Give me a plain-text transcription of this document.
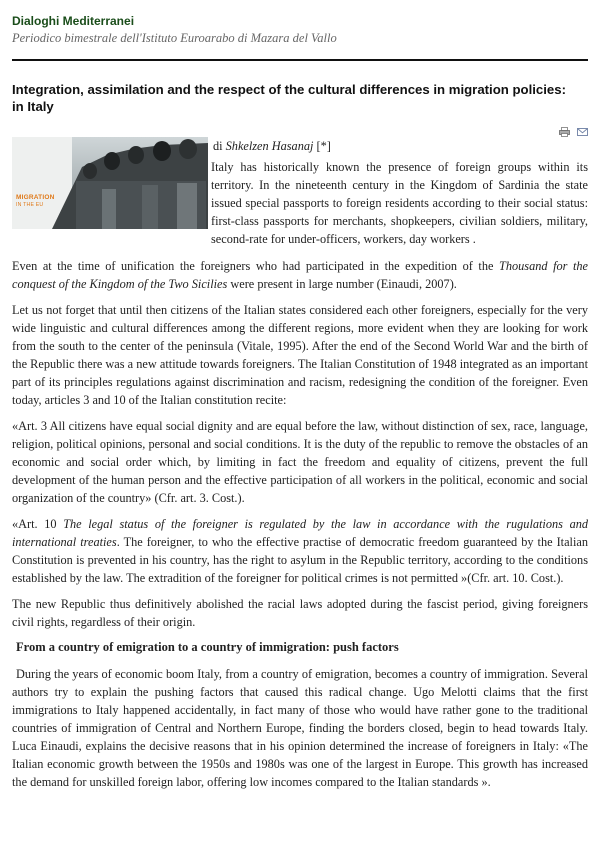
Dialoghi Mediterranei
Periodico bimestrale dell'Istituto Euroarabo di Mazara del Vallo
Integration, assimilation and the respect of the cultural differences in migration policies: in Italy
MIGRATION
IN THE EU
di Shkelzen Hasanaj [*]
Italy has historically known the presence of foreign groups within its territory. In the nineteenth century in the Kingdom of Sardinia the state issued special passports to foreign residents according to their social status: first-class passports for merchants, shopkeepers, civilian soldiers, military, second-rate for under-officers, workers, day workers .

Even at the time of unification the foreigners who had participated in the expedition of the Thousand for the conquest of the Kingdom of the Two Sicilies were present in large number (Einaudi, 2007).

Let us not forget that until then citizens of the Italian states considered each other foreigners, especially for the very wide linguistic and cultural differences among the different regions, more evident when they are looking for work from the south to the center of the peninsula (Vitale, 1995). After the end of the Second World War and the birth of the Republic there was a new attitude towards foreigners. The Italian Constitution of 1948 integrated as an important part of its principles regulations against discrimination and racism, redesigning the condition of the foreigner. Even today, articles 3 and 10 of the Italian constitution recite:

«Art. 3 All citizens have equal social dignity and are equal before the law, without distinction of sex, race, language, religion, political opinions, personal and social conditions. It is the duty of the republic to remove the obstacles of an economic and social order which, by limiting in fact the freedom and equality of citizens, prevent the full development of the human person and the effective participation of all workers in the political, economic and social organization of the country» (Cfr. art. 3. Cost.).

«Art. 10 The legal status of the foreigner is regulated by the law in accordance with the rugulations and international treaties. The foreigner, to who the effective practise of democratic freedom guaranteed by the Italian Constitution is prevented in his country, has the right to asylum in the Republic territory, according to the conditions established by the law. The extradition of the foreigner for political crimes is not permitted »(Cfr. art. 10. Cost.).

The new Republic thus definitively abolished the racial laws adopted during the fascist period, giving foreigners civil rights, regardless of their origin.

From a country of emigration to a country of immigration: push factors

During the years of economic boom Italy, from a country of emigration, becomes a country of immigration. Several authors try to explain the pushing factors that caused this radical change. Ugo Melotti claims that the first immigrations to Italy happened accidentally, in fact many of those who would have rather gone to the traditional countries of immigration of Central and Northern Europe, finding the borders closed, begin to head towards Italy. Luca Einaudi, explains the decisive reasons that in his opinion determined the increase of foreigners in Italy: «The Italian economic growth between the 1950s and 1980s was one of the largest in Europe. This growth has increased the demand for unskilled foreign labor, offering low incomes compared to the Italian standards ».
